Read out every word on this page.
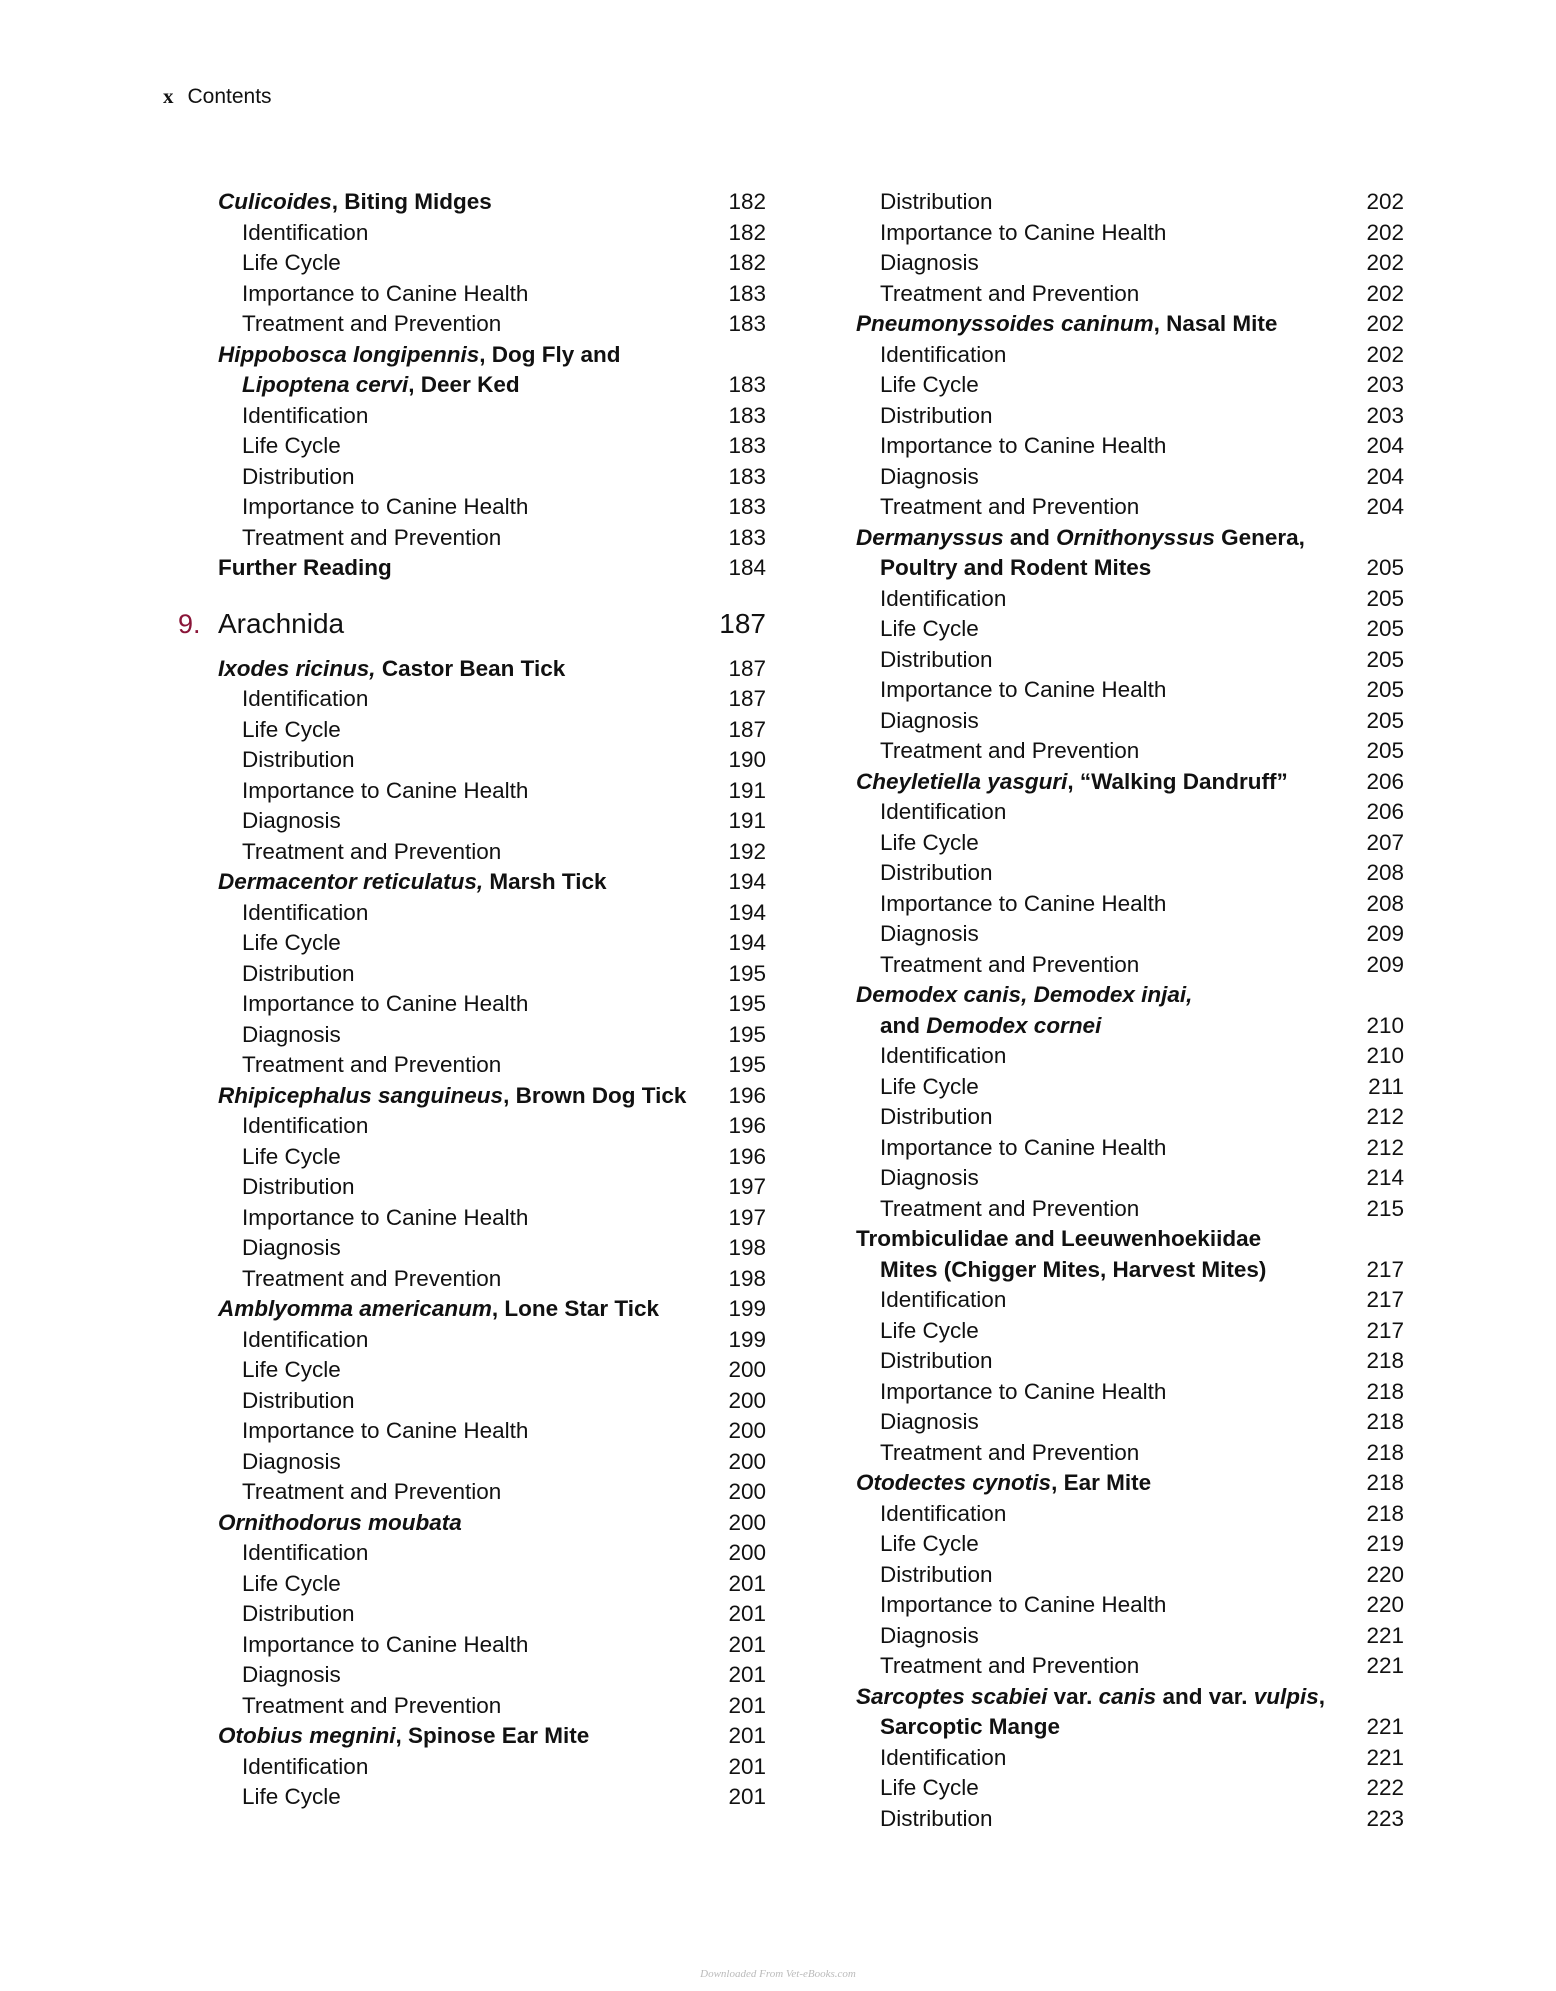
x Contents
Culicoides, Biting Midges	182
Identification	182
Life Cycle	182
Importance to Canine Health	183
Treatment and Prevention	183
Hippobosca longipennis, Dog Fly and
Lipoptena cervi, Deer Ked	183
Identification	183
Life Cycle	183
Distribution	183
Importance to Canine Health	183
Treatment and Prevention	183
Further Reading	184
9. Arachnida	187
Ixodes ricinus, Castor Bean Tick	187
Identification	187
Life Cycle	187
Distribution	190
Importance to Canine Health	191
Diagnosis	191
Treatment and Prevention	192
Dermacentor reticulatus, Marsh Tick	194
Identification	194
Life Cycle	194
Distribution	195
Importance to Canine Health	195
Diagnosis	195
Treatment and Prevention	195
Rhipicephalus sanguineus, Brown Dog Tick 196
Identification	196
Life Cycle	196
Distribution	197
Importance to Canine Health	197
Diagnosis	198
Treatment and Prevention	198
Amblyomma americanum, Lone Star Tick	199
Identification	199
Life Cycle	200
Distribution	200
Importance to Canine Health	200
Diagnosis	200
Treatment and Prevention	200
Ornithodorus moubata	200
Identification	200
Life Cycle	201
Distribution	201
Importance to Canine Health	201
Diagnosis	201
Treatment and Prevention	201
Otobius megnini, Spinose Ear Mite	201
Identification	201
Life Cycle	201
Distribution	202
Importance to Canine Health	202
Diagnosis	202
Treatment and Prevention	202
Pneumonyssoides caninum, Nasal Mite	202
Identification	202
Life Cycle	203
Distribution	203
Importance to Canine Health	204
Diagnosis	204
Treatment and Prevention	204
Dermanyssus and Ornithonyssus Genera,
Poultry and Rodent Mites	205
Identification	205
Life Cycle	205
Distribution	205
Importance to Canine Health	205
Diagnosis	205
Treatment and Prevention	205
Cheyletiella yasguri, “Walking Dandruff”	206
Identification	206
Life Cycle	207
Distribution	208
Importance to Canine Health	208
Diagnosis	209
Treatment and Prevention	209
Demodex canis, Demodex injai,
and Demodex cornei	210
Identification	210
Life Cycle	211
Distribution	212
Importance to Canine Health	212
Diagnosis	214
Treatment and Prevention	215
Trombiculidae and Leeuwenhoekiidae
Mites (Chigger Mites, Harvest Mites)	217
Identification	217
Life Cycle	217
Distribution	218
Importance to Canine Health	218
Diagnosis	218
Treatment and Prevention	218
Otodectes cynotis, Ear Mite	218
Identification	218
Life Cycle	219
Distribution	220
Importance to Canine Health	220
Diagnosis	221
Treatment and Prevention	221
Sarcoptes scabiei var. canis and var. vulpis,
Sarcoptic Mange	221
Identification	221
Life Cycle	222
Distribution	223
Downloaded From Vet-eBooks.com
